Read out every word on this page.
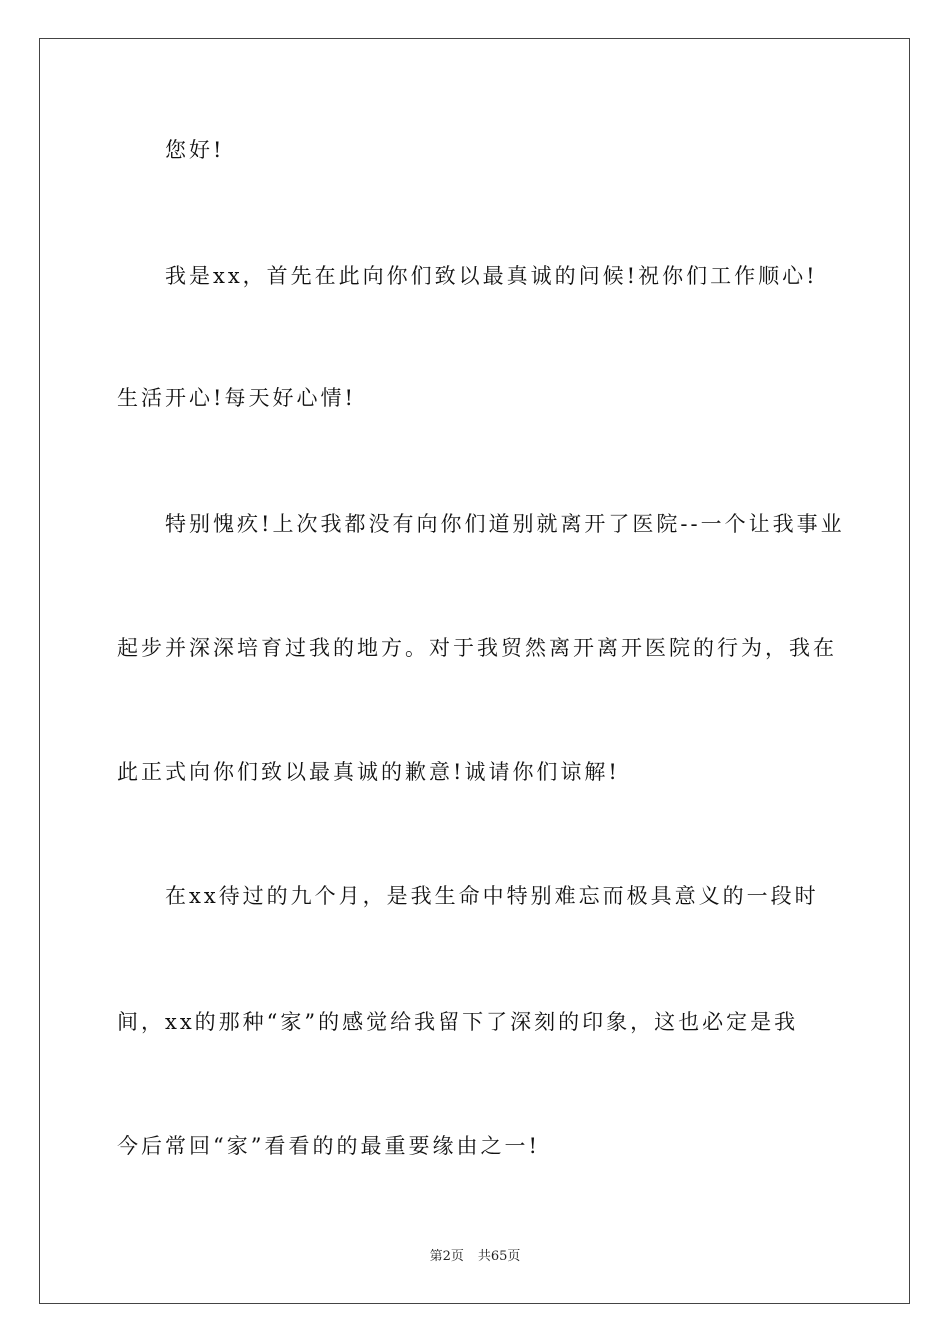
您好!
我是xx，首先在此向你们致以最真诚的问候!祝你们工作顺心!
生活开心!每天好心情!
特别愧疚!上次我都没有向你们道别就离开了医院--一个让我事业
起步并深深培育过我的地方。对于我贸然离开离开医院的行为，我在
此正式向你们致以最真诚的歉意!诚请你们谅解!
在xx待过的九个月，是我生命中特别难忘而极具意义的一段时
间，xx的那种“家”的感觉给我留下了深刻的印象，这也必定是我
今后常回“家”看看的的最重要缘由之一!
第2页 共65页
